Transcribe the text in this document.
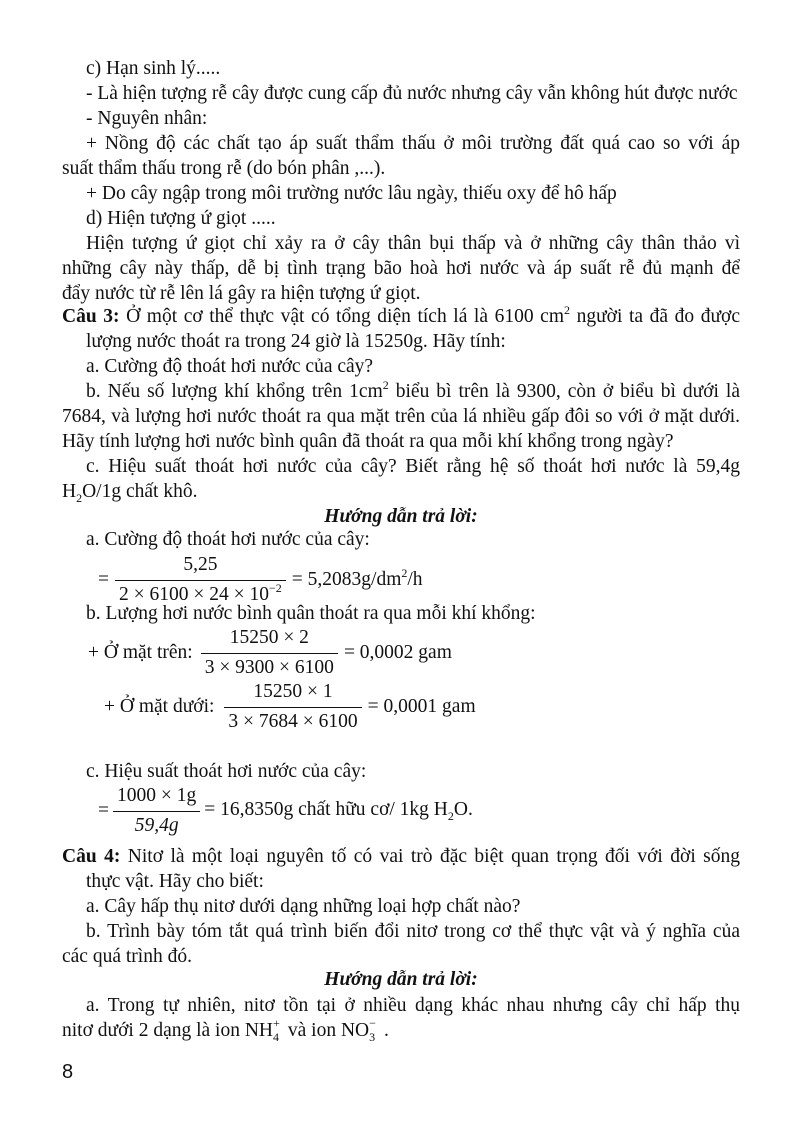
c) Hạn sinh lý.....
- Là hiện tượng rễ cây được cung cấp đủ nước nhưng cây vẫn không hút được nước
- Nguyên nhân:
+ Nồng độ các chất tạo áp suất thẩm thấu ở môi trường đất quá cao so với áp
suất thẩm thấu trong rễ (do bón phân ,...).
+ Do cây ngập trong môi trường nước lâu ngày, thiếu oxy để hô hấp
d) Hiện tượng ứ giọt .....
Hiện tượng ứ giọt chỉ xảy ra ở cây thân bụi thấp và ở những cây thân thảo vì
những cây này thấp, dễ bị tình trạng bão hoà hơi nước và áp suất rễ đủ mạnh để
đẩy nước từ rễ lên lá gây ra hiện tượng ứ giọt.
Câu 3: Ở một cơ thể thực vật có tổng diện tích lá là 6100 $cm^2$ người ta đã đo được
lượng nước thoát ra trong 24 giờ là 15250g. Hãy tính:
a. Cường độ thoát hơi nước của cây?
b. Nếu số lượng khí khổng trên $1cm^2$ biểu bì trên là 9300, còn ở biểu bì dưới là
7684, và lượng hơi nước thoát ra qua mặt trên của lá nhiều gấp đôi so với ở mặt dưới.
Hãy tính lượng hơi nước bình quân đã thoát ra qua mỗi khí khổng trong ngày?
c. Hiệu suất thoát hơi nước của cây? Biết rằng hệ số thoát hơi nước là 59,4g
$H_2O/1g$ chất khô.
Hướng dẫn trả lời:
a. Cường độ thoát hơi nước của cây:
= $\frac{5,25}{2 \times 6100 \times 24 \times 10^{-2}} = 5,2083g/dm^2/h$
b. Lượng hơi nước bình quân thoát ra qua mỗi khí khổng:
+ Ở mặt trên: $\frac{15250 \times 2}{3 \times 9300 \times 6100} = 0,0002$ gam
+ Ở mặt dưới: $\frac{15250 \times 1}{3 \times 7684 \times 6100} = 0,0001$ gam
c. Hiệu suất thoát hơi nước của cây:
= $\frac{1000 \times 1g}{59,4g} = 16,8350g$ chất hữu cơ/ 1kg $H_2O$.
Câu 4: Nitơ là một loại nguyên tố có vai trò đặc biệt quan trọng đối với đời sống
thực vật. Hãy cho biết:
a. Cây hấp thụ nitơ dưới dạng những loại hợp chất nào?
b. Trình bày tóm tắt quá trình biến đổi nitơ trong cơ thể thực vật và ý nghĩa của
các quá trình đó.
Hướng dẫn trả lời:
a. Trong tự nhiên, nitơ tồn tại ở nhiều dạng khác nhau nhưng cây chỉ hấp thụ
nitơ dưới 2 dạng là ion NH +
4 và ion NO −
3 .
8
